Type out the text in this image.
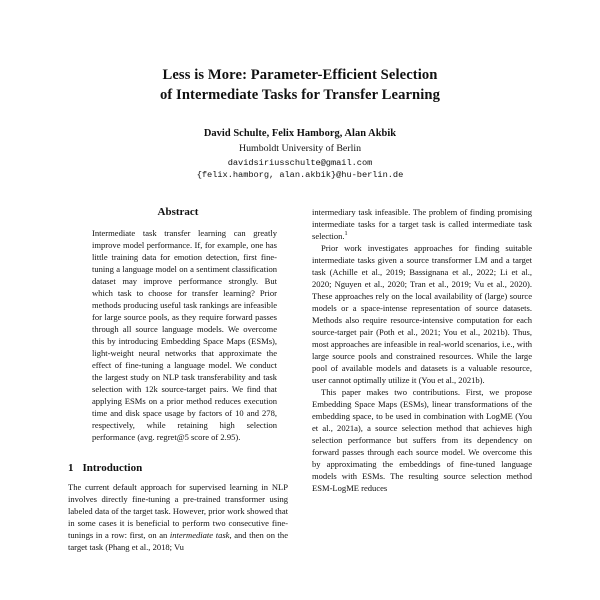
Less is More: Parameter-Efficient Selection
of Intermediate Tasks for Transfer Learning
David Schulte, Felix Hamborg, Alan Akbik
Humboldt University of Berlin
davidsiriusschulte@gmail.com
{felix.hamborg, alan.akbik}@hu-berlin.de
Abstract

Intermediate task transfer learning can greatly improve model performance. If, for example, one has little training data for emotion detection, first fine-tuning a language model on a sentiment classification dataset may improve performance strongly. But which task to choose for transfer learning? Prior methods producing useful task rankings are infeasible for large source pools, as they require forward passes through all source language models. We overcome this by introducing Embedding Space Maps (ESMs), light-weight neural networks that approximate the effect of fine-tuning a language model. We conduct the largest study on NLP task transferability and task selection with 12k source-target pairs. We find that applying ESMs on a prior method reduces execution time and disk space usage by factors of 10 and 278, respectively, while retaining high selection performance (avg. regret@5 score of 2.95).

1 Introduction

The current default approach for supervised learning in NLP involves directly fine-tuning a pre-trained transformer using labeled data of the target task. However, prior work showed that in some cases it is beneficial to perform two consecutive fine-tunings in a row: first, on an intermediate task, and then on the target task (Phang et al., 2018; Vu

intermediary task infeasible. The problem of finding promising intermediate tasks for a target task is called intermediate task selection.$^1$

Prior work investigates approaches for finding suitable intermediate tasks given a source transformer LM and a target task (Achille et al., 2019; Bassignana et al., 2022; Li et al., 2020; Nguyen et al., 2020; Tran et al., 2019; Vu et al., 2020). These approaches rely on the local availability of (large) source models or a space-intense representation of source datasets. Methods also require resource-intensive computation for each source-target pair (Poth et al., 2021; You et al., 2021b). Thus, most approaches are infeasible in real-world scenarios, i.e., with large source pools and constrained resources. While the large pool of available models and datasets is a valuable resource, user cannot optimally utilize it (You et al., 2021b).

This paper makes two contributions. First, we propose Embedding Space Maps (ESMs), linear transformations of the embedding space, to be used in combination with LogME (You et al., 2021a), a source selection method that achieves high selection performance but suffers from its dependency on forward passes through each source model. We overcome this by approximating the embeddings of fine-tuned language models with ESMs. The resulting source selection method ESM-LogME reduces
